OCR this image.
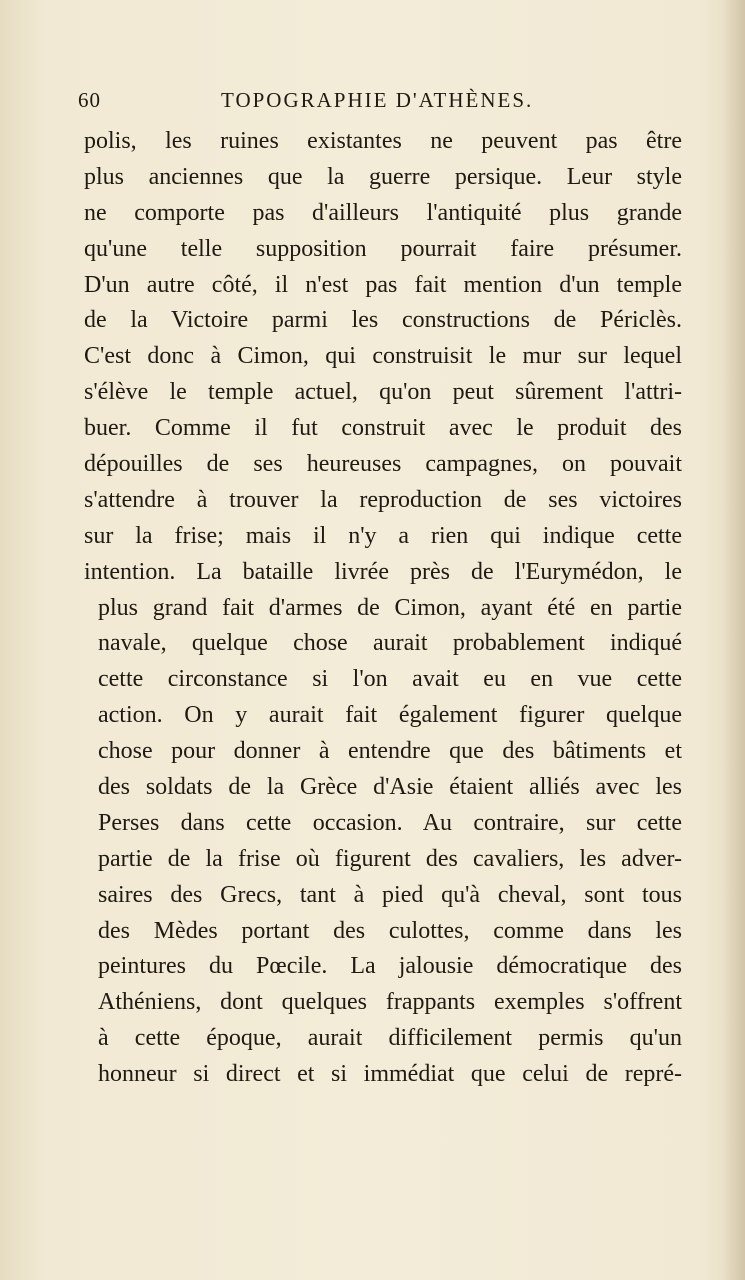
60	TOPOGRAPHIE D'ATHÈNES.
polis, les ruines existantes ne peuvent pas être
plus anciennes que la guerre persique. Leur style
ne comporte pas d'ailleurs l'antiquité plus grande
qu'une telle supposition pourrait faire présumer.
D'un autre côté, il n'est pas fait mention d'un temple
de la Victoire parmi les constructions de Périclès.
C'est donc à Cimon, qui construisit le mur sur lequel
s'élève le temple actuel, qu'on peut sûrement l'attri-
buer. Comme il fut construit avec le produit des
dépouilles de ses heureuses campagnes, on pouvait
s'attendre à trouver la reproduction de ses victoires
sur la frise; mais il n'y a rien qui indique cette
intention. La bataille livrée près de l'Eurymédon, le
plus grand fait d'armes de Cimon, ayant été en partie
navale, quelque chose aurait probablement indiqué
cette circonstance si l'on avait eu en vue cette
action. On y aurait fait également figurer quelque
chose pour donner à entendre que des bâtiments et
des soldats de la Grèce d'Asie étaient alliés avec les
Perses dans cette occasion. Au contraire, sur cette
partie de la frise où figurent des cavaliers, les adver-
saires des Grecs, tant à pied qu'à cheval, sont tous
des Mèdes portant des culottes, comme dans les
peintures du Pœcile. La jalousie démocratique des
Athéniens, dont quelques frappants exemples s'offrent
à cette époque, aurait difficilement permis qu'un
honneur si direct et si immédiat que celui de repré-
